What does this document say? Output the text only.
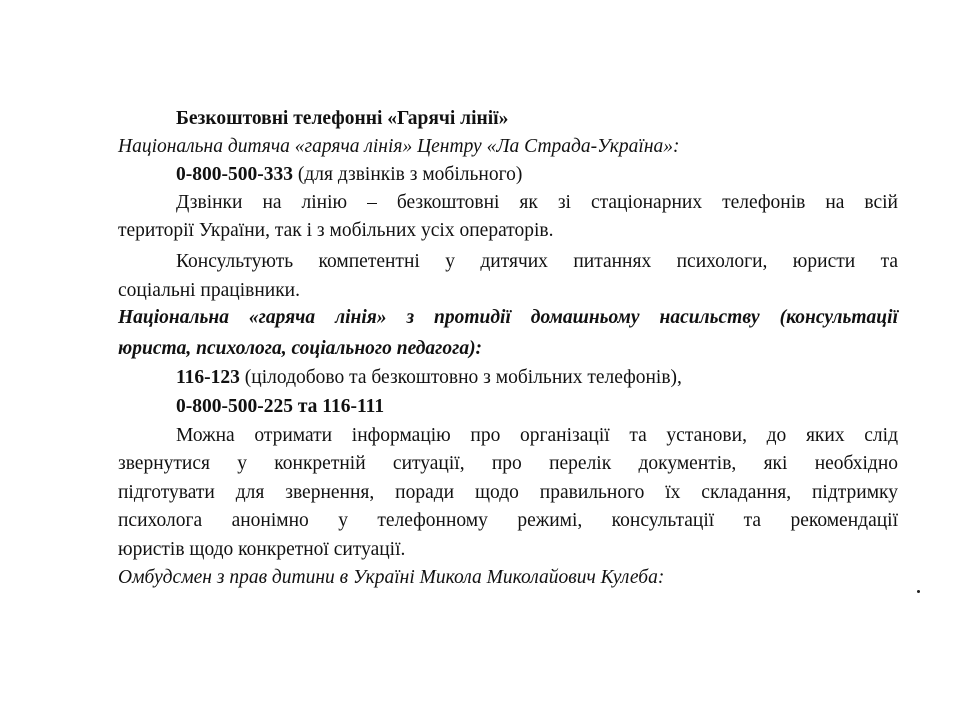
Безкоштовні телефонні «Гарячі лінії»

Національна дитяча «гаряча лінія» Центру «Ла Страда-Україна»:

0-800-500-333 (для дзвінків з мобільного)

Дзвінки на лінію – безкоштовні як зі стаціонарних телефонів на всій

території України, так і з мобільних усіх операторів.

Консультують компетентні у дитячих питаннях психологи, юристи та

соціальні працівники.

Національна «гаряча лінія» з протидії домашньому насильству (консультації

юриста, психолога, соціального педагога):

116-123 (цілодобово та безкоштовно з мобільних телефонів),

0-800-500-225 та 116-111

Можна отримати інформацію про організації та установи, до яких слід

звернутися у конкретній ситуації, про перелік документів, які необхідно

підготувати для звернення, поради щодо правильного їх складання, підтримку

психолога анонімно у телефонному режимі, консультації та рекомендації

юристів щодо конкретної ситуації.

Омбудсмен з прав дитини в Україні Микола Миколайович Кулеба:
